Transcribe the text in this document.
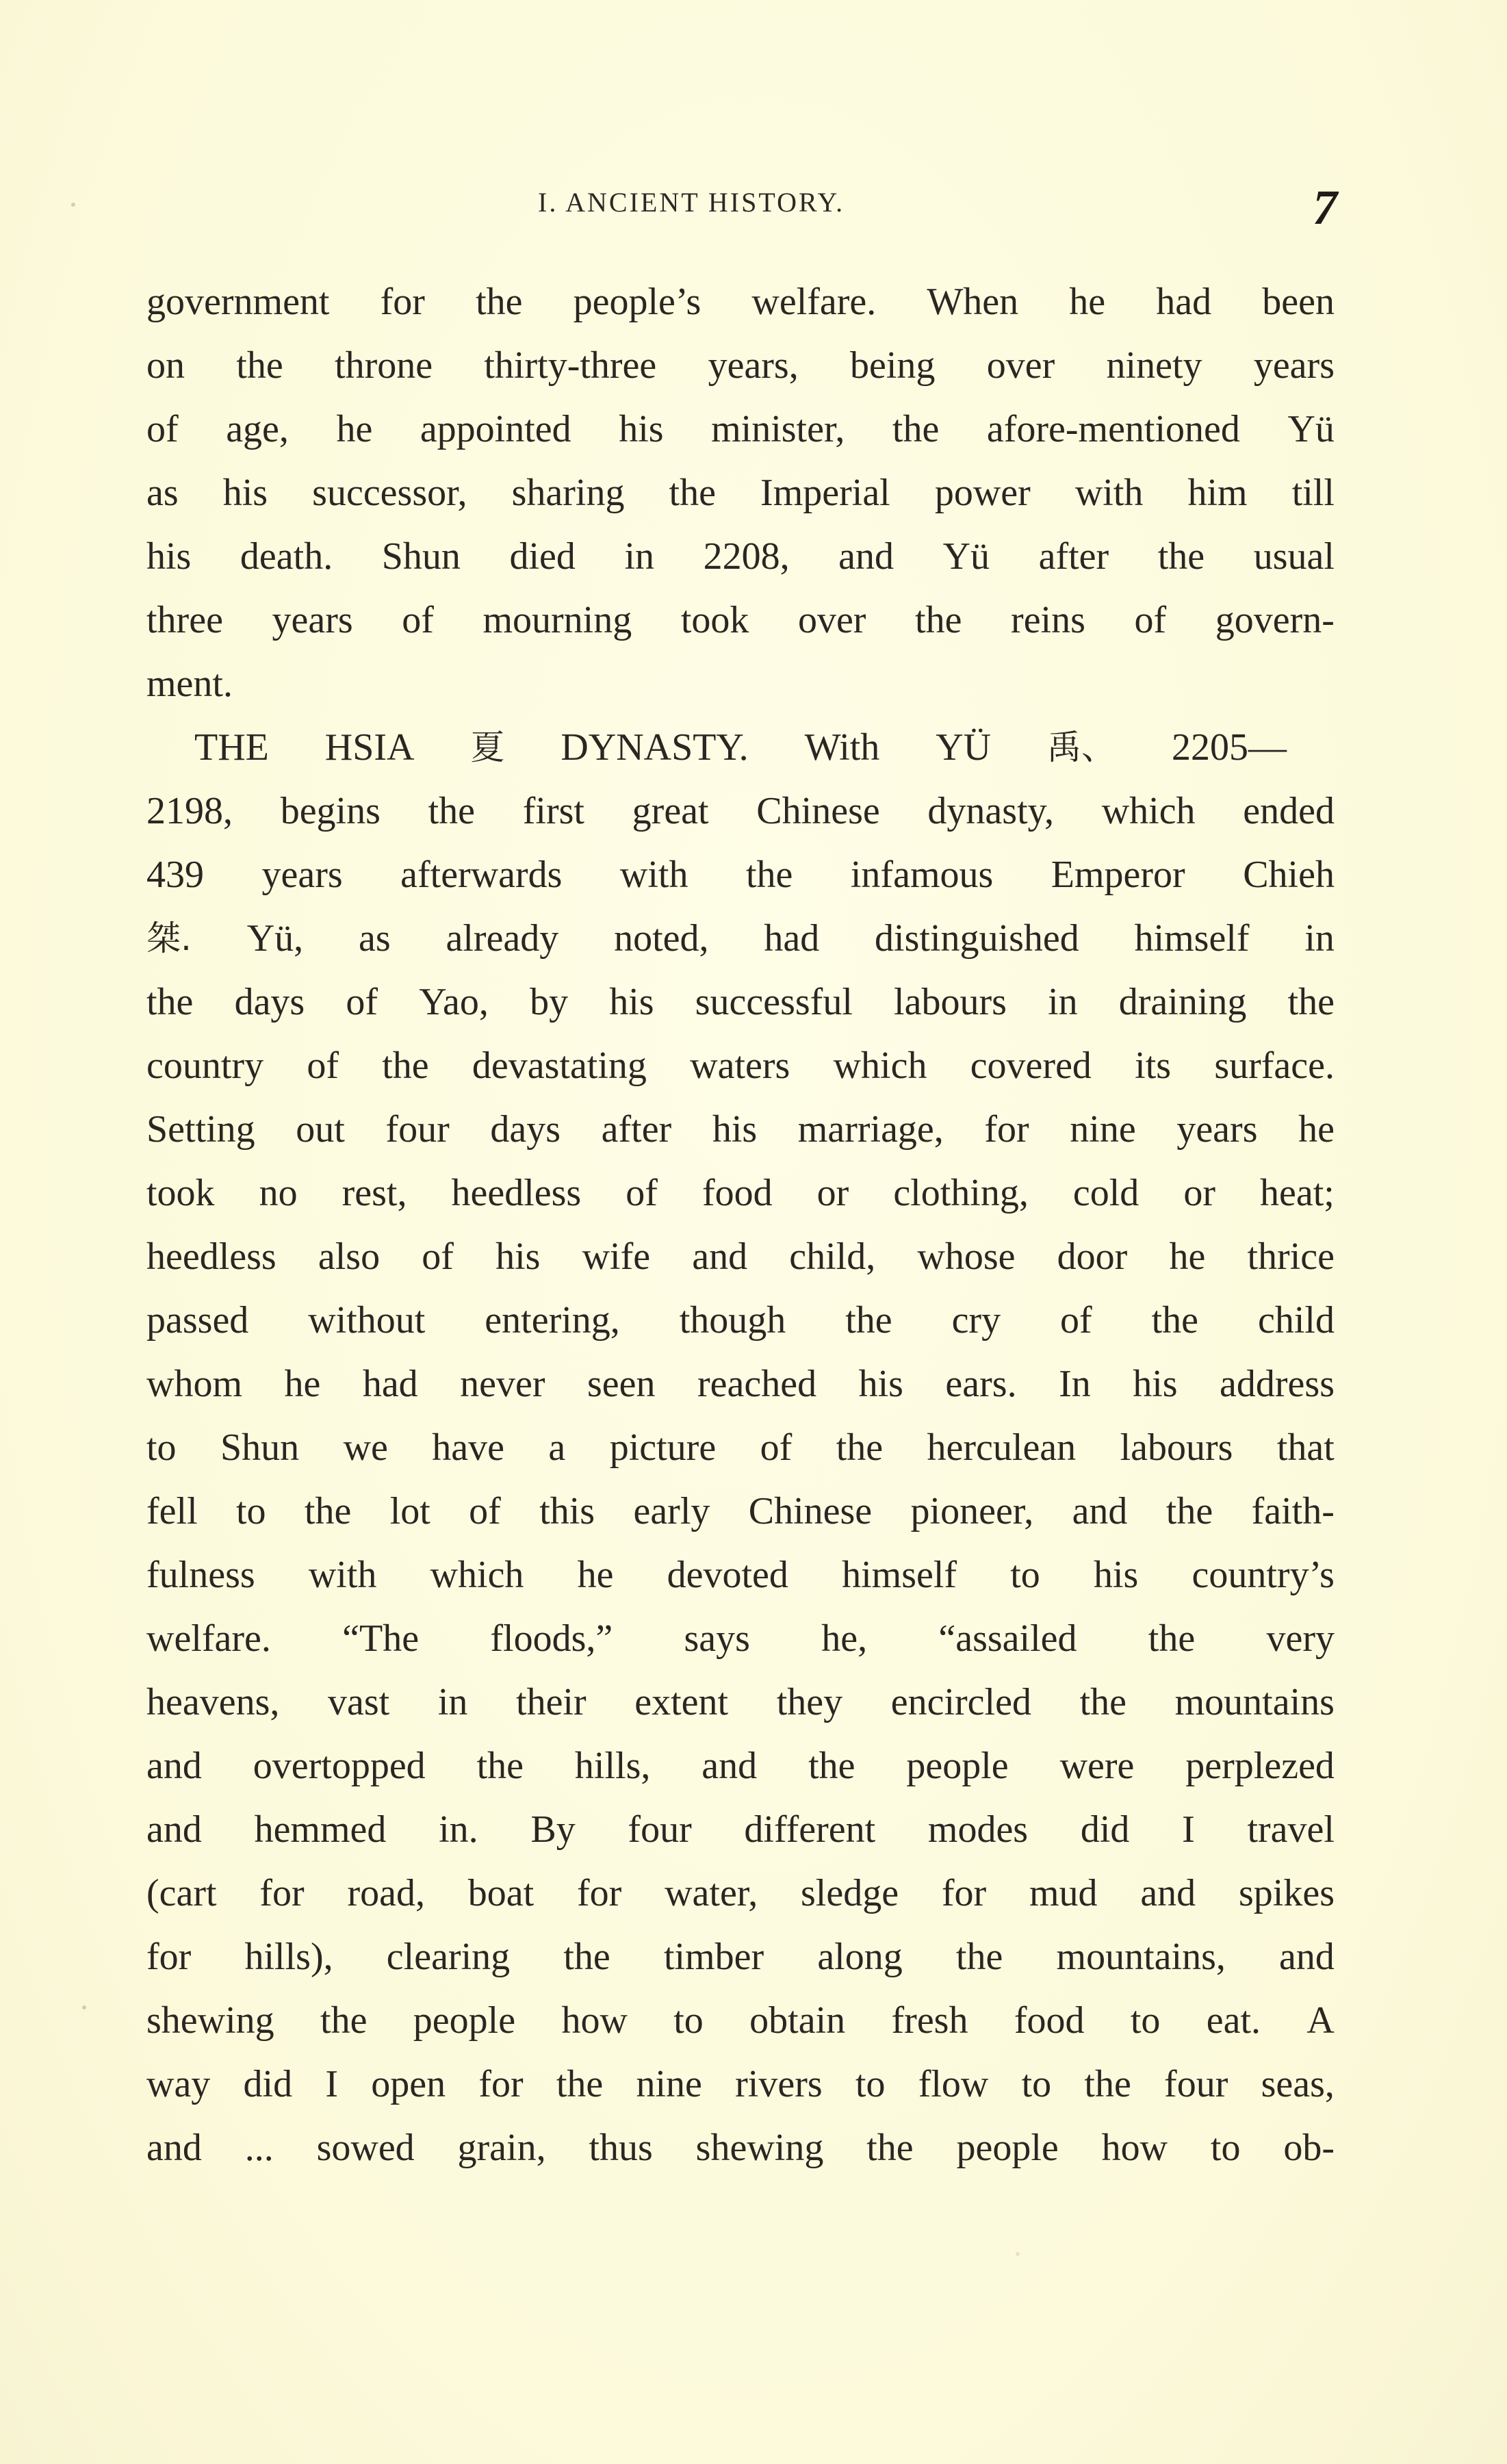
I. ANCIENT HISTORY.	7
government for the people’s welfare. When he had been
on the throne thirty-three years, being over ninety years
of age, he appointed his minister, the afore-mentioned Yü
as his successor, sharing the Imperial power with him till
his death. Shun died in 2208, and Yü after the usual
three years of mourning took over the reins of govern-
ment.
THE HSIA 夏 DYNASTY. With YÜ 禹、 2205—
2198, begins the first great Chinese dynasty, which ended
439 years afterwards with the infamous Emperor Chieh
桀. Yü, as already noted, had distinguished himself in
the days of Yao, by his successful labours in draining the
country of the devastating waters which covered its surface.
Setting out four days after his marriage, for nine years he
took no rest, heedless of food or clothing, cold or heat;
heedless also of his wife and child, whose door he thrice
passed without entering, though the cry of the child
whom he had never seen reached his ears. In his address
to Shun we have a picture of the herculean labours that
fell to the lot of this early Chinese pioneer, and the faith-
fulness with which he devoted himself to his country’s
welfare. “The floods,” says he, “assailed the very
heavens, vast in their extent they encircled the mountains
and overtopped the hills, and the people were perplezed
and hemmed in. By four different modes did I travel
(cart for road, boat for water, sledge for mud and spikes
for hills), clearing the timber along the mountains, and
shewing the people how to obtain fresh food to eat. A
way did I open for the nine rivers to flow to the four seas,
and ... sowed grain, thus shewing the people how to ob-
